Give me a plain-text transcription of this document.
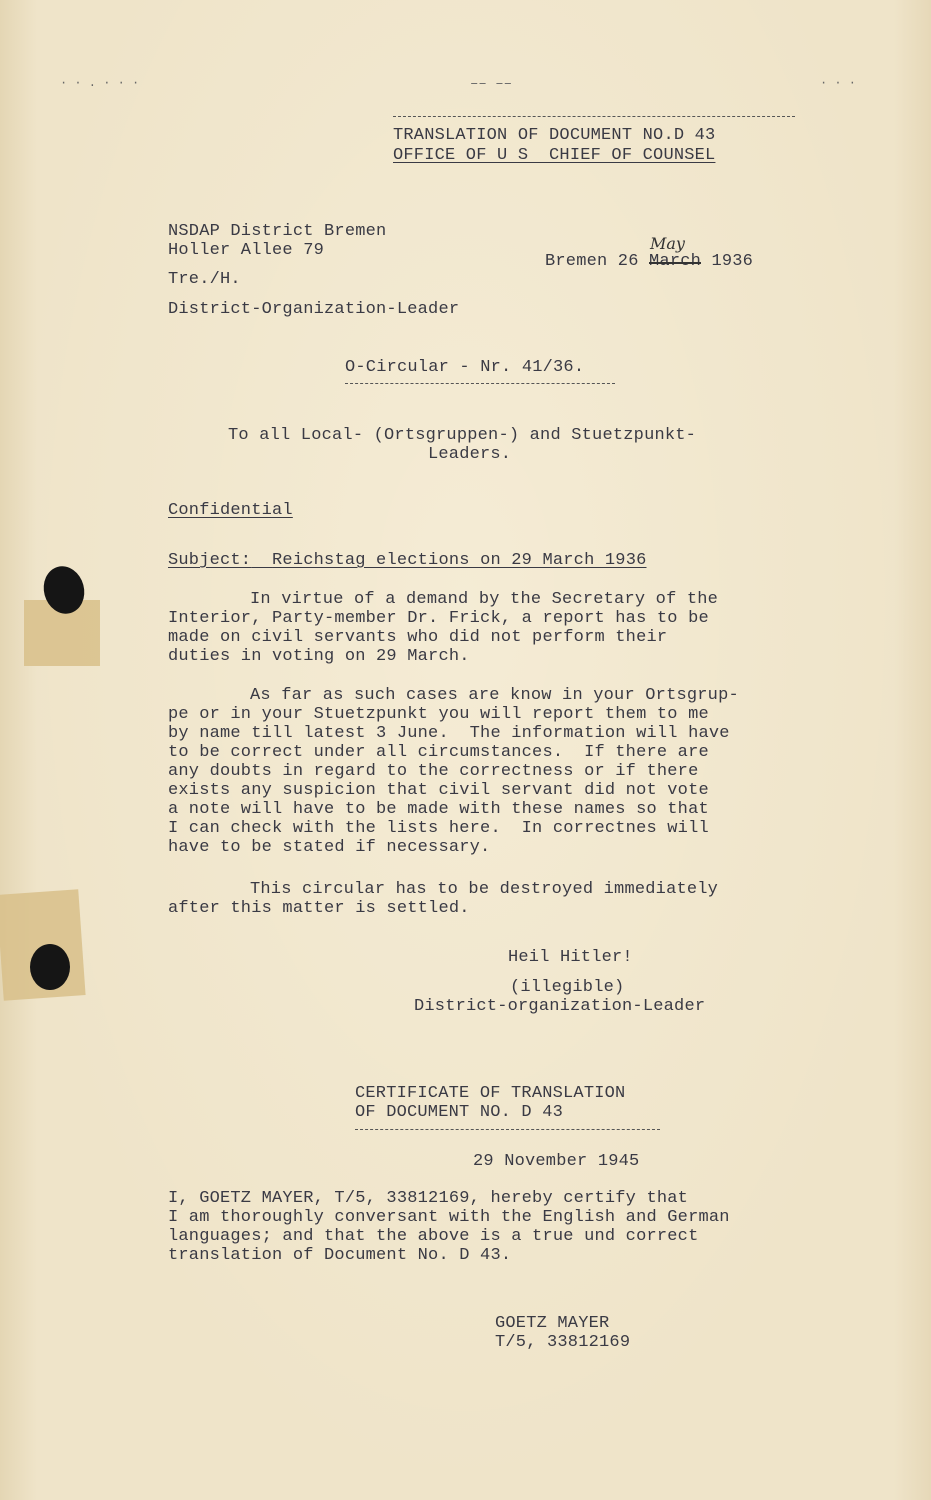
· · . · · ·	–– ––	· · ·
TRANSLATION OF DOCUMENT NO.D 43
OFFICE OF U S  CHIEF OF COUNSEL
NSDAP District Bremen
Holler Allee 79
Tre./H.
District-Organization-Leader
Bremen 26 March 1936
May
O-Circular - Nr. 41/36.
To all Local- (Ortsgruppen-) and Stuetzpunkt-
Leaders.
Confidential
Subject: Reichstag elections on 29 March 1936
In virtue of a demand by the Secretary of the
Interior, Party-member Dr. Frick, a report has to be
made on civil servants who did not perform their
duties in voting on 29 March.
As far as such cases are know in your Ortsgrup-
pe or in your Stuetzpunkt you will report them to me
by name till latest 3 June.  The information will have
to be correct under all circumstances.  If there are
any doubts in regard to the correctness or if there
exists any suspicion that civil servant did not vote
a note will have to be made with these names so that
I can check with the lists here.  In correctnes will
have to be stated if necessary.
This circular has to be destroyed immediately
after this matter is settled.
Heil Hitler!
(illegible)
District-organization-Leader
CERTIFICATE OF TRANSLATION
OF DOCUMENT NO. D 43
29 November 1945
I, GOETZ MAYER, T/5, 33812169, hereby certify that
I am thoroughly conversant with the English and German
languages; and that the above is a true und correct
translation of Document No. D 43.
GOETZ MAYER
T/5, 33812169
